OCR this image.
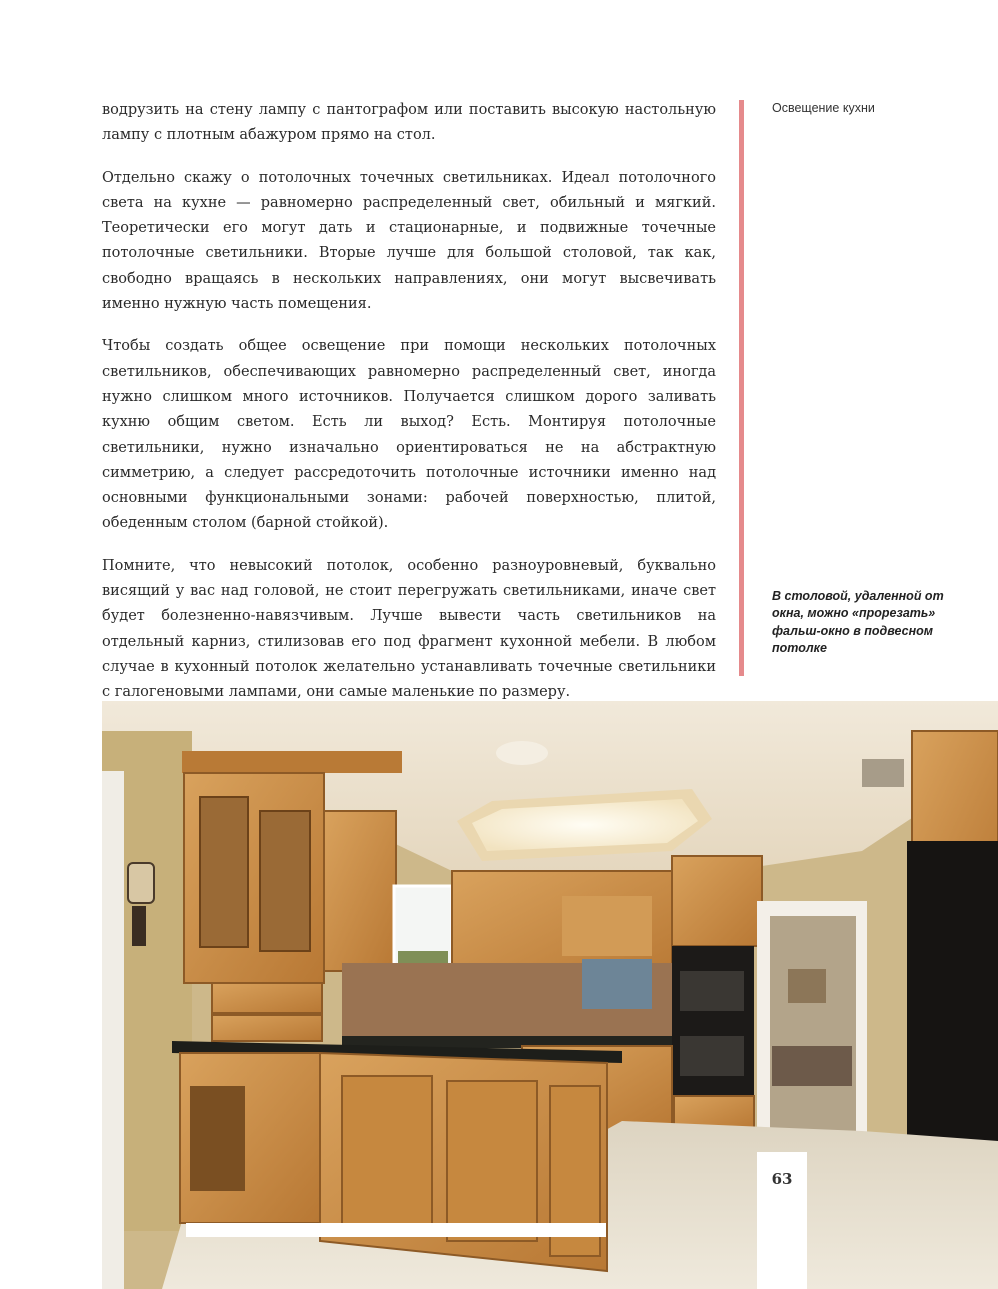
водрузить на стену лампу с пантографом или поставить высокую настольную лампу с плотным абажуром прямо на стол.

Отдельно скажу о потолочных точечных светильниках. Идеал потолочного света на кухне — равномерно распределенный свет, обильный и мягкий. Теоретически его могут дать и стационарные, и подвижные точечные потолочные светильники. Вторые лучше для большой столовой, так как, свободно вращаясь в нескольких направлениях, они могут высвечивать именно нужную часть помещения.

Чтобы создать общее освещение при помощи нескольких потолочных светильников, обеспечивающих равномерно распределенный свет, иногда нужно слишком много источников. Получается слишком дорого заливать кухню общим светом. Есть ли выход? Есть. Монтируя потолочные светильники, нужно изначально ориентироваться не на абстрактную симметрию, а следует рассредоточить потолочные источники именно над основными функциональными зонами: рабочей поверхностью, плитой, обеденным столом (барной стойкой).

Помните, что невысокий потолок, особенно разноуровневый, буквально висящий у вас над головой, не стоит перегружать светильниками, иначе свет будет болезненно-навязчивым. Лучше вывести часть светильников на отдельный карниз, стилизовав его под фрагмент кухонной мебели. В любом случае в кухонный потолок желательно устанавливать точечные светильники с галогеновыми лампами, они самые маленькие по размеру.

Освещение кухни
В столовой, удаленной от окна, можно «прорезать» фальш-окно в подвесном потолке
63
